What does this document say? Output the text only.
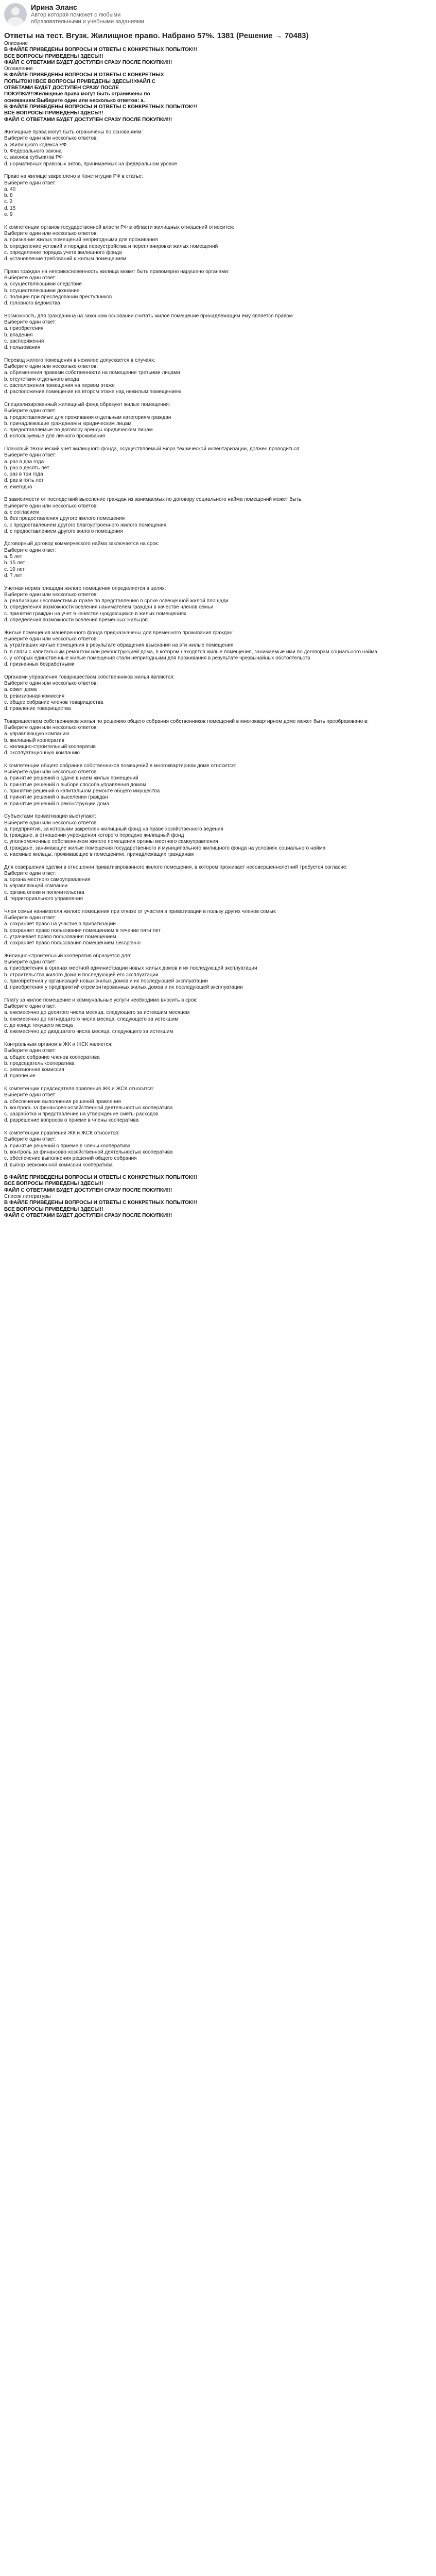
Ирина Эланс
Автор которая поможет с любыми образовательными и учебными заданиями
Ответы на тест. Вгузк. Жилищное право. Набрано 57%. 1381 (Решение → 70483)

Описание

В ФАЙЛЕ ПРИВЕДЕНЫ ВОПРОСЫ И ОТВЕТЫ С КОНКРЕТНЫХ ПОПЫТОК!!!

ВСЕ ВОПРОСЫ ПРИВЕДЕНЫ ЗДЕСЬ!!!

ФАЙЛ С ОТВЕТАМИ БУДЕТ ДОСТУПЕН СРАЗУ ПОСЛЕ ПОКУПКИ!!!

Оглавление

В ФАЙЛЕ ПРИВЕДЕНЫ ВОПРОСЫ И ОТВЕТЫ С КОНКРЕТНЫХ

ПОПЫТОК!!!ВСЕ ВОПРОСЫ ПРИВЕДЕНЫ ЗДЕСЬ!!!ФАЙЛ С

ОТВЕТАМИ БУДЕТ ДОСТУПЕН СРАЗУ ПОСЛЕ

ПОКУПКИ!!!Жилищные права могут быть ограничены по

основаниям:Выберите один или несколько ответов: a.

В ФАЙЛЕ ПРИВЕДЕНЫ ВОПРОСЫ И ОТВЕТЫ С КОНКРЕТНЫХ ПОПЫТОК!!!

ВСЕ ВОПРОСЫ ПРИВЕДЕНЫ ЗДЕСЬ!!!

ФАЙЛ С ОТВЕТАМИ БУДЕТ ДОСТУПЕН СРАЗУ ПОСЛЕ ПОКУПКИ!!!

Жилищные права могут быть ограничены по основаниям:

Выберите один или несколько ответов:

a. Жилищного кодекса РФ

b. Федерального закона

c. законов субъектов РФ

d. нормативных правовых актов, принимаемых на федеральном уровне

Право на жилище закреплено в Конституции РФ в статье:

Выберите один ответ:

a. 40

b. 8

c. 2

d. 15

e. 9

К компетенции органов государственной власти РФ в области жилищных отношений относится:

Выберите один или несколько ответов:

a. признание жилых помещений непригодными для проживания

b. определение условий и порядка переустройства и перепланировки жилых помещений

c. определение порядка учета жилищного фонда

d. установление требований к жилым помещениям

Право граждан на неприкосновенность жилища может быть правомерно нарушено органами:

Выберите один ответ:

a. осуществляющими следствие

b. осуществляющими дознание

c. полиции при преследовании преступников

d. головного ведомства

Возможность для гражданина на законном основании считать жилое помещение принадлежащим ему является правом:

Выберите один ответ:

a. приобретения

b. владения

c. распоряжения

d. пользования

Перевод жилого помещения в нежилое допускается в случаях:

Выберите один или несколько ответов:

a. обременения правами собственности на помещение третьими лицами

b. отсутствия отдельного входа

c. расположения помещения на первом этаже

d. расположения помещения на втором этаже над нежилым помещением

Специализированный жилищный фонд образуют жилые помещения:

Выберите один ответ:

a. предоставляемые для проживания отдельным категориям граждан

b. принадлежащие гражданам и юридическим лицам

c. предоставляемые по договору аренды юридическим лицам

d. используемые для личного проживания

Плановый технический учет жилищного фонда, осуществляемый Бюро технической инвентаризации, должен проводиться:

Выберите один ответ:

a. раз в два года

b. раз в десять лет

c. раз в три года

d. раз в пять лет

e. ежегодно

В зависимости от последствий выселение граждан из занимаемых по договору социального найма помещений может быть:

Выберите один или несколько ответов:

a. с согласием

b. без предоставления другого жилого помещения

c. с предоставлением другого благоустроенного жилого помещения

d. с предоставлением другого жилого помещения

Договорный договор коммерческого найма заключается на срок:

Выберите один ответ:

a. 5 лет

b. 15 лет

c. 10 лет

d. 7 лет

Учетная норма площади жилого помещения определяется в целях:

Выберите один или несколько ответов:

a. реализации несовместимых праве по представлению в сроке освещенной жилой площади

b. определения возможности вселения нанимателем граждан в качестве членов семьи

c. принятия граждан на учет в качестве нуждающихся в жилых помещениях

d. определения возможности вселения временных жильцов

Жилые помещения маневренного фонда предназначены для временного проживания граждан:

Выберите один или несколько ответов:

a. утративших жилые помещения в результате обращения взыскания на эти жилые помещения

b. в связи с капитальным ремонтом или реконструкцией дома, в котором находятся жилые помещения, занимаемые ими по договорам социального найма

c. у которых единственные жилые помещения стали непригодными для проживания в результате чрезвычайных обстоятельств

d. признанных безработными

Органами управления товариществом собственников жилья являются:

Выберите один или несколько ответов:

a. совет дома

b. ревизионная комиссия

c. общее собрание членов товарищества

d. правление товарищества

Товариществом собственников жилья по решению общего собрания собственников помещений в многоквартирном доме может быть преобразовано в:

Выберите один или несколько ответов:

a. управляющую компанию

b. жилищный кооператив

c. жилищно-строительный кооператив

d. эксплуатационную компанию

К компетенции общего собрания собственников помещений в многоквартирном доме относится:

Выберите один или несколько ответов:

a. принятие решений о сдаче в наем жилых помещений

b. принятие решений о выборе способа управления домом

c. принятие решений о капитальном ремонте общего имущества

d. принятие решений о выселении граждан

e. принятие решений о реконструкции дома

Субъектами приватизации выступают:

Выберите один или несколько ответов:

a. предприятия, за которыми закреплен жилищный фонд на праве хозяйственного ведения

b. граждане, в отношении учреждения которого передано жилищный фонд

c. уполномоченные собственником жилого помещения органы местного самоуправления

d. граждане, занимающие жилые помещения государственного и муниципального жилищного фонда на условиях социального найма

e. наемные жильцы, проживающие в помещениях, принадлежащих гражданам

Для совершения сделки в отношении приватизированного жилого помещения, в котором проживает несовершеннолетний требуется согласие:

Выберите один ответ:

a. органа местного самоуправления

b. управляющей компании

c. органа опеки и попечительства

d. территориального управления

Член семьи нанимателя жилого помещения при отказе от участия в приватизации в пользу других членов семьи:

Выберите один ответ:

a. сохраняет право на участие в приватизации

b. сохраняет право пользования помещением в течение пяти лет

c. утрачивает право пользования помещением

d. сохраняет право пользования помещением бессрочно

Жилищно-строительный кооператив образуется для:

Выберите один ответ:

a. приобретения в органах местной администрации новых жилых домов и их последующей эксплуатации

b. строительства жилого дома и последующей его эксплуатации

c. приобретения у организаций новых жилых домов и их последующей эксплуатации

d. приобретения у предприятий отремонтированных жилых домов и их последующей эксплуатации

Плату за жилое помещение и коммунальные услуги необходимо вносить в срок:

Выберите один ответ:

a. ежемесячно до десятого числа месяца, следующего за истекшим месяцем

b. ежемесячно до пятнадцатого числа месяца, следующего за истекшим

c. до конца текущего месяца

d. ежемесячно до двадцатого числа месяца, следующего за истекшим

Контрольным органом в ЖК и ЖСК является:

Выберите один ответ:

a. общее собрание членов кооператива

b. председатель кооператива

c. ревизионная комиссия

d. правление

К компетенции председателя правления ЖК и ЖСК относится:

Выберите один ответ:

a. обеспечение выполнения решений правления

b. контроль за финансово-хозяйственной деятельностью кооператива

c. разработка и представление на утверждение сметы расходов

d. разрешение вопросов о приеме в члены кооператива

К компетенции правления ЖК и ЖСК относится:

Выберите один ответ:

a. принятие решений о приеме в члены кооператива

b. контроль за финансово-хозяйственной деятельностью кооператива

c. обеспечение выполнения решений общего собрания

d. выбор ревизионной комиссии кооператива

В ФАЙЛЕ ПРИВЕДЕНЫ ВОПРОСЫ И ОТВЕТЫ С КОНКРЕТНЫХ ПОПЫТОК!!!

ВСЕ ВОПРОСЫ ПРИВЕДЕНЫ ЗДЕСЬ!!!

ФАЙЛ С ОТВЕТАМИ БУДЕТ ДОСТУПЕН СРАЗУ ПОСЛЕ ПОКУПКИ!!!

Список литературы

В ФАЙЛЕ ПРИВЕДЕНЫ ВОПРОСЫ И ОТВЕТЫ С КОНКРЕТНЫХ ПОПЫТОК!!!

ВСЕ ВОПРОСЫ ПРИВЕДЕНЫ ЗДЕСЬ!!!

ФАЙЛ С ОТВЕТАМИ БУДЕТ ДОСТУПЕН СРАЗУ ПОСЛЕ ПОКУПКИ!!!
